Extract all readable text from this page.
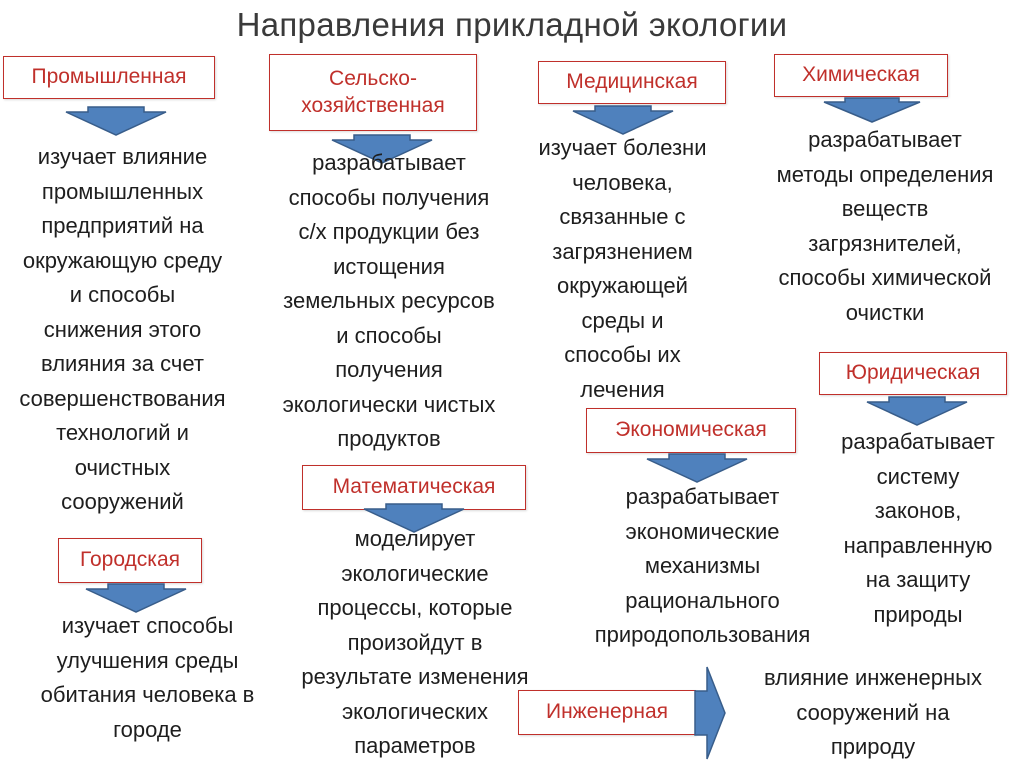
Направления прикладной экологии
Промышленная
изучает влияние
промышленных
предприятий на
окружающую среду
и способы
снижения этого
влияния за счет
совершенствования
технологий и
очистных
сооружений
Сельско-
хозяйственная
разрабатывает
способы получения
с/х продукции без
истощения
земельных ресурсов
и способы
получения
экологически чистых
продуктов
Медицинская
изучает болезни
человека,
связанные с
загрязнением
окружающей
среды и
способы их
лечения
Химическая
разрабатывает
методы определения
веществ
загрязнителей,
способы химической
очистки
Юридическая
разрабатывает
систему
законов,
направленную
на защиту
природы
Экономическая
разрабатывает
экономические
механизмы
рационального
природопользования
Математическая
моделирует
экологические
процессы, которые
произойдут в
результате изменения
экологических
параметров
Городская
изучает способы
улучшения среды
обитания человека в
городе
Инженерная
влияние инженерных
сооружений на
природу
